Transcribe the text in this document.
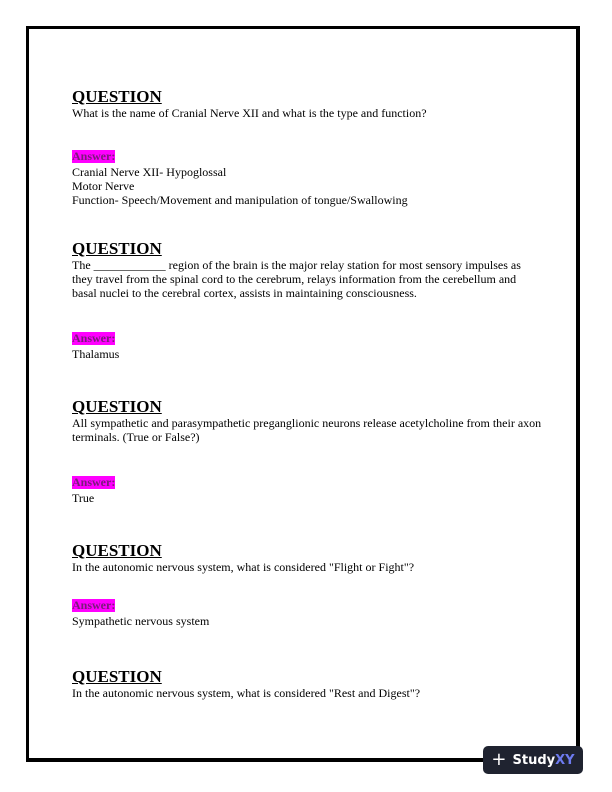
QUESTION

What is the name of Cranial Nerve XII and what is the type and function?

Answer:

Cranial Nerve XII- Hypoglossal

Motor Nerve

Function- Speech/Movement and manipulation of tongue/Swallowing

QUESTION

The ____________ region of the brain is the major relay station for most sensory impulses as they travel from the spinal cord to the cerebrum, relays information from the cerebellum and basal nuclei to the cerebral cortex, assists in maintaining consciousness.

Answer:

Thalamus

QUESTION

All sympathetic and parasympathetic preganglionic neurons release acetylcholine from their axon terminals. (True or False?)

Answer:

True

QUESTION

In the autonomic nervous system, what is considered "Flight or Fight"?

Answer:

Sympathetic nervous system

QUESTION

In the autonomic nervous system, what is considered "Rest and Digest"?

+ Study XY
